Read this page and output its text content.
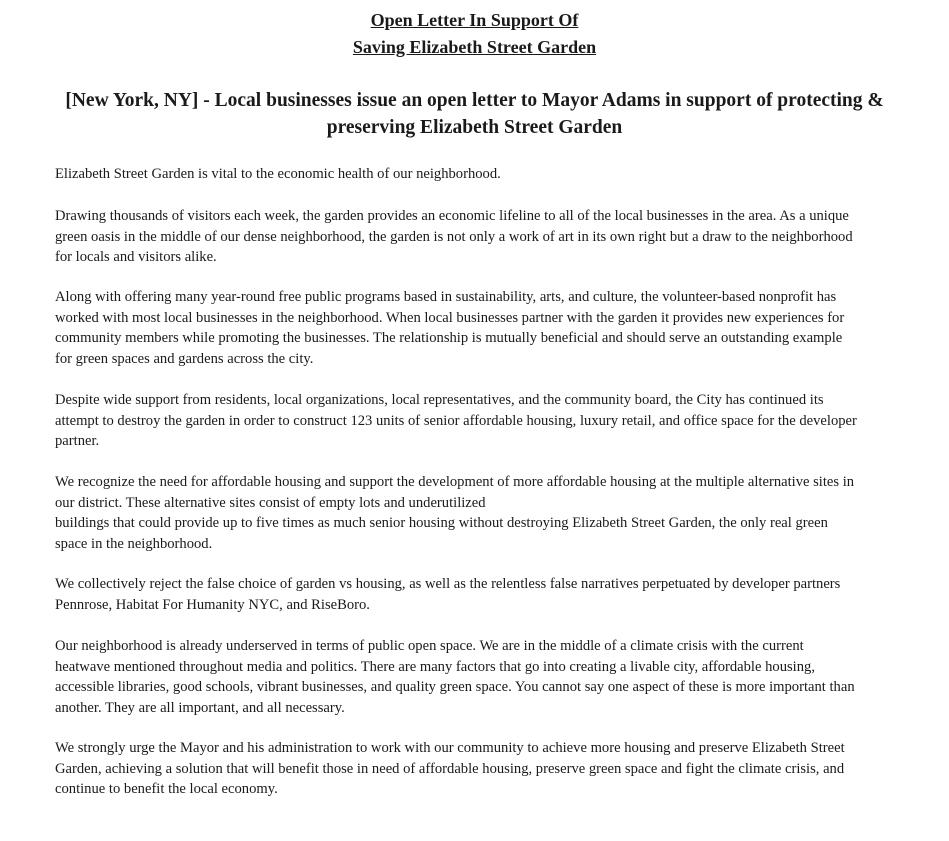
Open Letter In Support Of
Saving Elizabeth Street Garden
[New York, NY] - Local businesses issue an open letter to Mayor Adams in support of protecting &
preserving Elizabeth Street Garden
Elizabeth Street Garden is vital to the economic health of our neighborhood.
Drawing thousands of visitors each week, the garden provides an economic lifeline to all of the local businesses in the area. As a unique
green oasis in the middle of our dense neighborhood, the garden is not only a work of art in its own right but a draw to the neighborhood
for locals and visitors alike.
Along with offering many year-round free public programs based in sustainability, arts, and culture, the volunteer-based nonprofit has
worked with most local businesses in the neighborhood. When local businesses partner with the garden it provides new experiences for
community members while promoting the businesses. The relationship is mutually beneficial and should serve an outstanding example
for green spaces and gardens across the city.
Despite wide support from residents, local organizations, local representatives, and the community board, the City has continued its
attempt to destroy the garden in order to construct 123 units of senior affordable housing, luxury retail, and office space for the developer
partner.
We recognize the need for affordable housing and support the development of more affordable housing at the multiple alternative sites in
our district. These alternative sites consist of empty lots and underutilized
buildings that could provide up to five times as much senior housing without destroying Elizabeth Street Garden, the only real green
space in the neighborhood.
We collectively reject the false choice of garden vs housing, as well as the relentless false narratives perpetuated by developer partners
Pennrose, Habitat For Humanity NYC, and RiseBoro.
Our neighborhood is already underserved in terms of public open space. We are in the middle of a climate crisis with the current
heatwave mentioned throughout media and politics. There are many factors that go into creating a livable city, affordable housing,
accessible libraries, good schools, vibrant businesses, and quality green space. You cannot say one aspect of these is more important than
another. They are all important, and all necessary.
We strongly urge the Mayor and his administration to work with our community to achieve more housing and preserve Elizabeth Street
Garden, achieving a solution that will benefit those in need of affordable housing, preserve green space and fight the climate crisis, and
continue to benefit the local economy.
